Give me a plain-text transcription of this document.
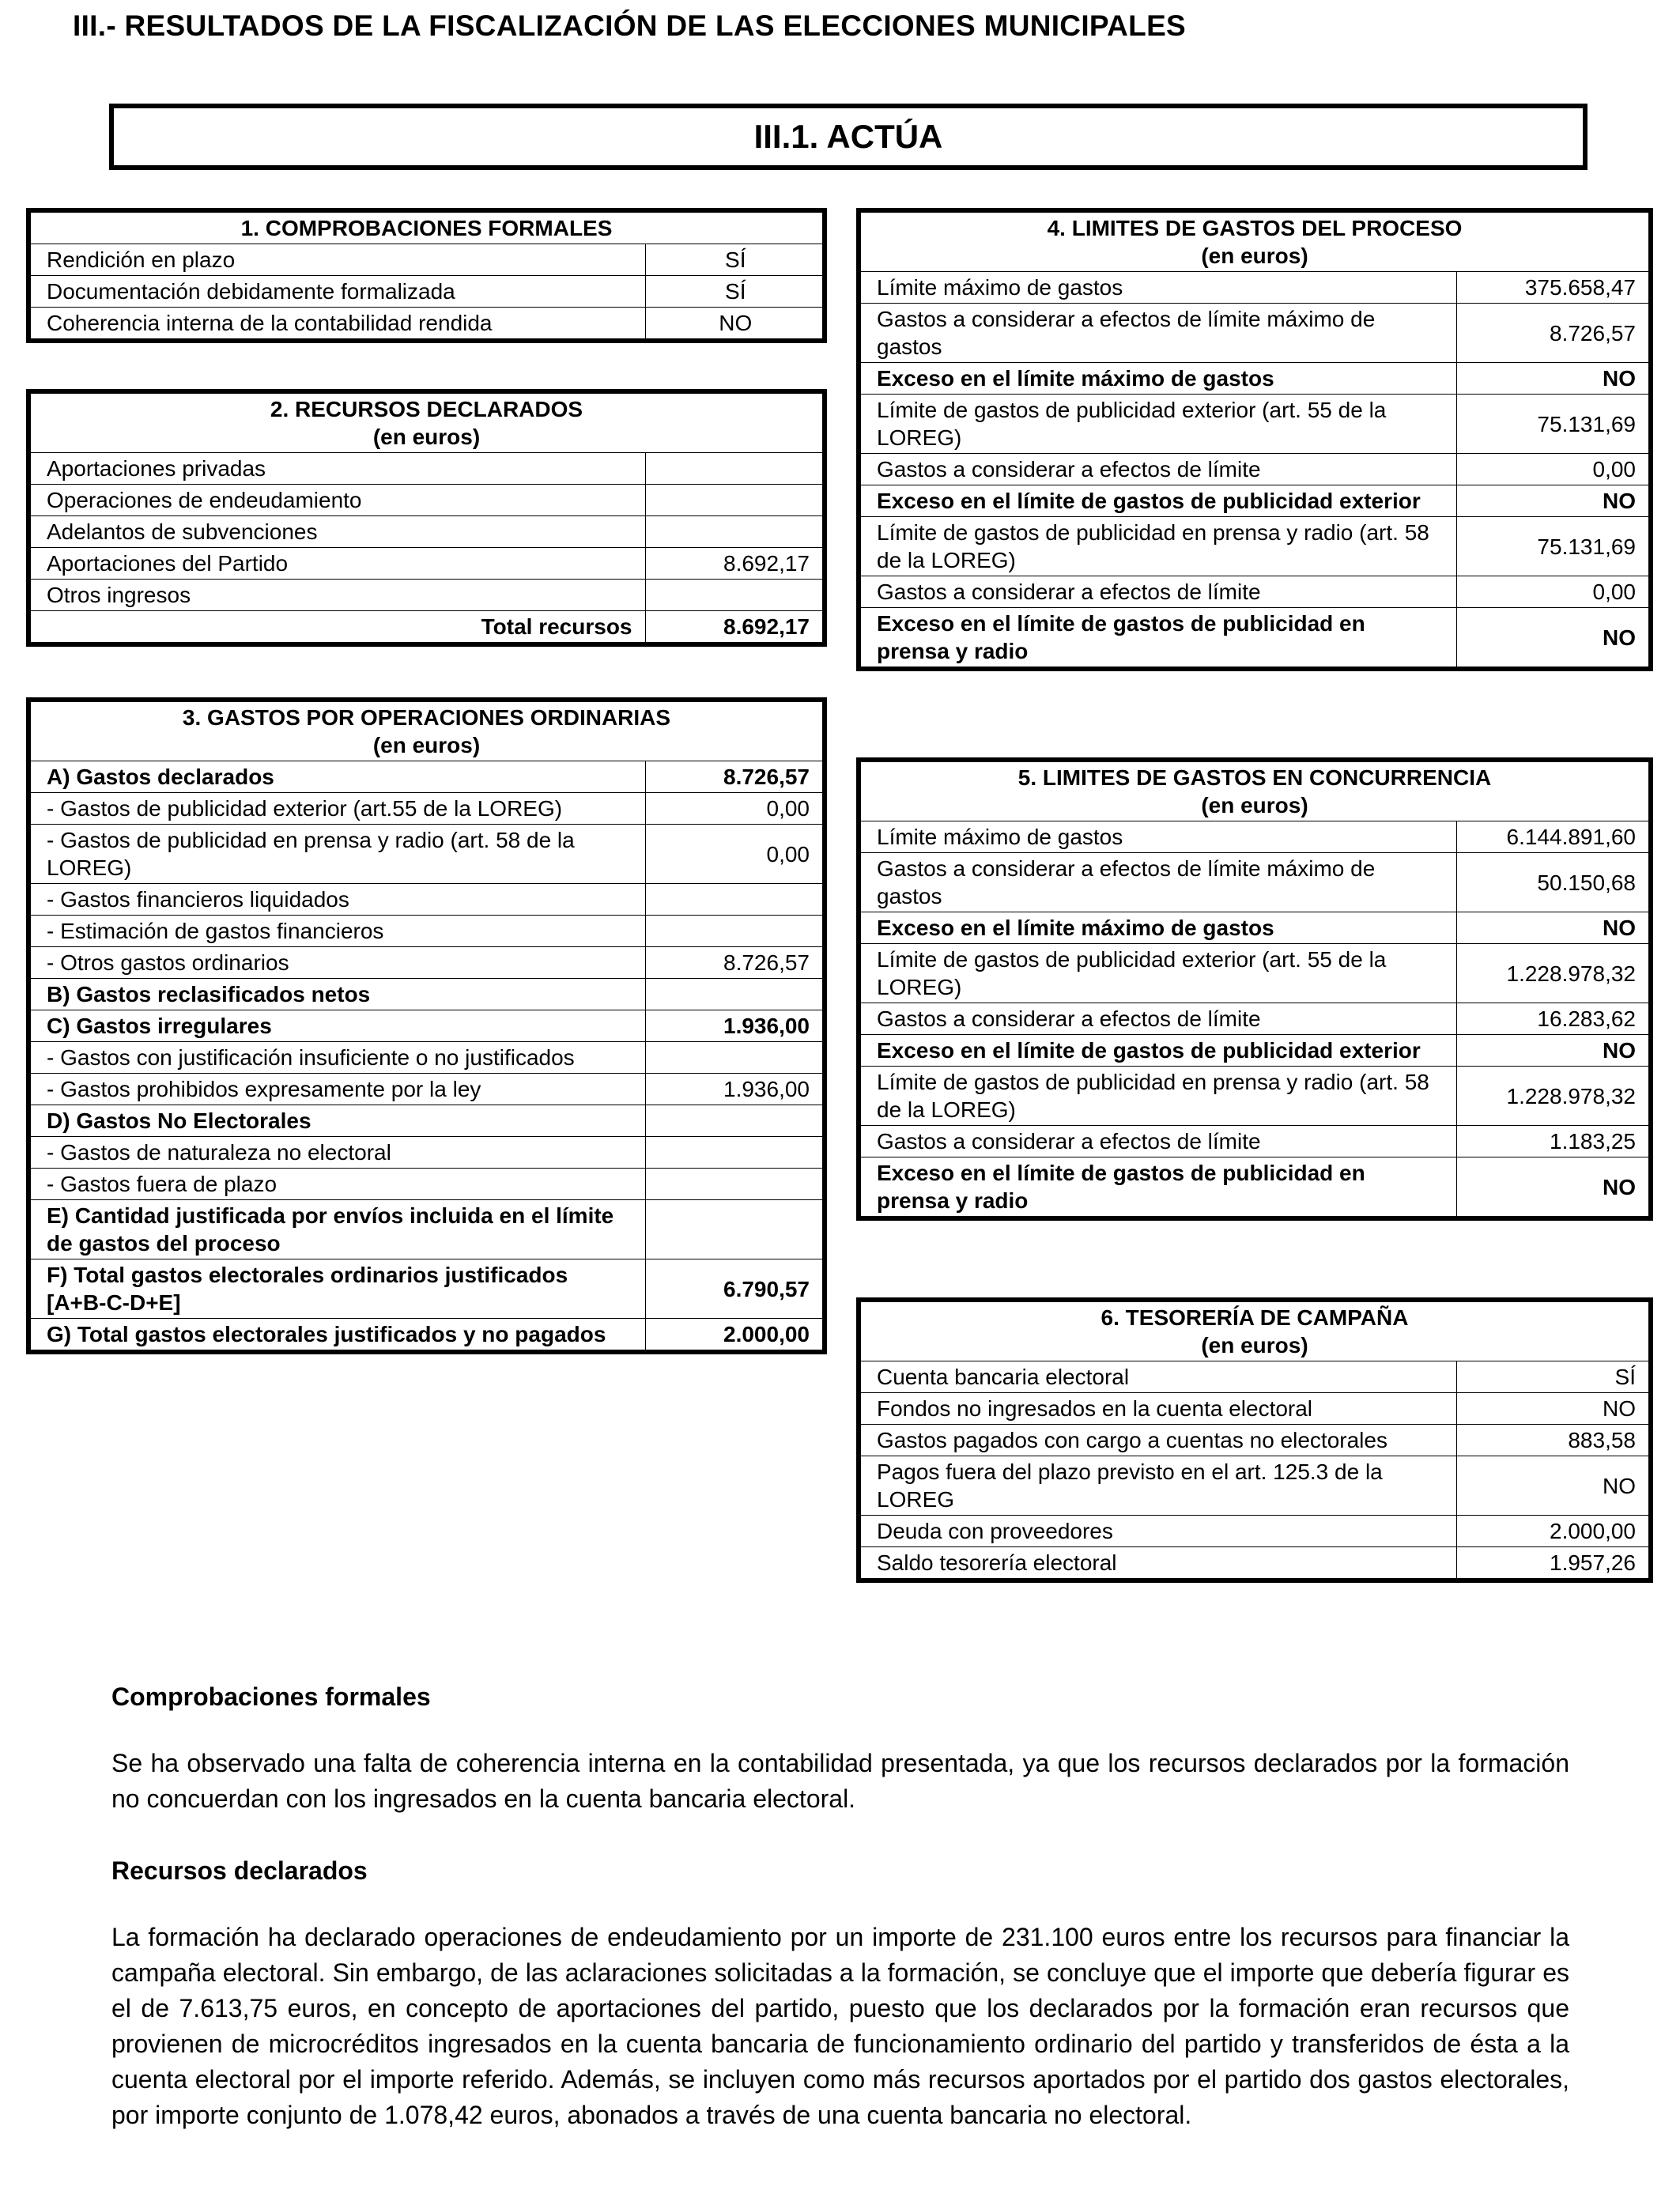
III.- RESULTADOS DE LA FISCALIZACIÓN DE LAS ELECCIONES MUNICIPALES
III.1. ACTÚA
1. COMPROBACIONES FORMALES	
Rendición en plazo	SÍ
Documentación debidamente formalizada	SÍ
Coherencia interna de la contabilidad rendida	NO
2. RECURSOS DECLARADOS
(en euros)	

Aportaciones privadas	
Operaciones de endeudamiento	
Adelantos de subvenciones	
Aportaciones del Partido	8.692,17
Otros ingresos	
Total recursos	8.692,17
3. GASTOS POR OPERACIONES ORDINARIAS
(en euros)	

A) Gastos declarados	8.726,57
- Gastos de publicidad exterior (art.55 de la LOREG)	0,00
- Gastos de publicidad en prensa y radio (art. 58 de la LOREG)	0,00
- Gastos financieros liquidados	
- Estimación de gastos financieros	
- Otros gastos ordinarios	8.726,57
B) Gastos reclasificados netos	
C) Gastos irregulares	1.936,00
- Gastos con justificación insuficiente o no justificados	
- Gastos prohibidos expresamente por la ley	1.936,00
D) Gastos No Electorales	
- Gastos de naturaleza no electoral	
- Gastos fuera de plazo	
E) Cantidad justificada por envíos incluida en el límite de gastos del proceso	
F) Total gastos electorales ordinarios justificados [A+B-C-D+E]	6.790,57
G) Total gastos electorales justificados y no pagados	2.000,00
4. LIMITES DE GASTOS DEL PROCESO
(en euros)	

Límite máximo de gastos	375.658,47
Gastos a considerar a efectos de límite máximo de gastos	8.726,57
Exceso en el límite máximo de gastos	NO
Límite de gastos de publicidad exterior (art. 55 de la LOREG)	75.131,69
Gastos a considerar a efectos de límite	0,00
Exceso en el límite de gastos de publicidad exterior	NO
Límite de gastos de publicidad en prensa y radio (art. 58 de la LOREG)	75.131,69
Gastos a considerar a efectos de límite	0,00
Exceso en el límite de gastos de publicidad en prensa y radio	NO
5. LIMITES DE GASTOS EN CONCURRENCIA
(en euros)	

Límite máximo de gastos	6.144.891,60
Gastos a considerar a efectos de límite máximo de gastos	50.150,68
Exceso en el límite máximo de gastos	NO
Límite de gastos de publicidad exterior (art. 55 de la LOREG)	1.228.978,32
Gastos a considerar a efectos de límite	16.283,62
Exceso en el límite de gastos de publicidad exterior	NO
Límite de gastos de publicidad en prensa y radio (art. 58 de la LOREG)	1.228.978,32
Gastos a considerar a efectos de límite	1.183,25
Exceso en el límite de gastos de publicidad en prensa y radio	NO
6. TESORERÍA DE CAMPAÑA
(en euros)	

Cuenta bancaria electoral	SÍ
Fondos no ingresados en la cuenta electoral	NO
Gastos pagados con cargo a cuentas no electorales	883,58
Pagos fuera del plazo previsto en el art. 125.3 de la LOREG	NO
Deuda con proveedores	2.000,00
Saldo tesorería electoral	1.957,26
Comprobaciones formales
Se ha observado una falta de coherencia interna en la contabilidad presentada, ya que los recursos declarados por la formación no concuerdan con los ingresados en la cuenta bancaria electoral.
Recursos declarados
La formación ha declarado operaciones de endeudamiento por un importe de 231.100 euros entre los recursos para financiar la campaña electoral. Sin embargo, de las aclaraciones solicitadas a la formación, se concluye que el importe que debería figurar es el de 7.613,75 euros, en concepto de aportaciones del partido, puesto que los declarados por la formación eran recursos que provienen de microcréditos ingresados en la cuenta bancaria de funcionamiento ordinario del partido y transferidos de ésta a la cuenta electoral por el importe referido. Además, se incluyen como más recursos aportados por el partido dos gastos electorales, por importe conjunto de 1.078,42 euros, abonados a través de una cuenta bancaria no electoral.
